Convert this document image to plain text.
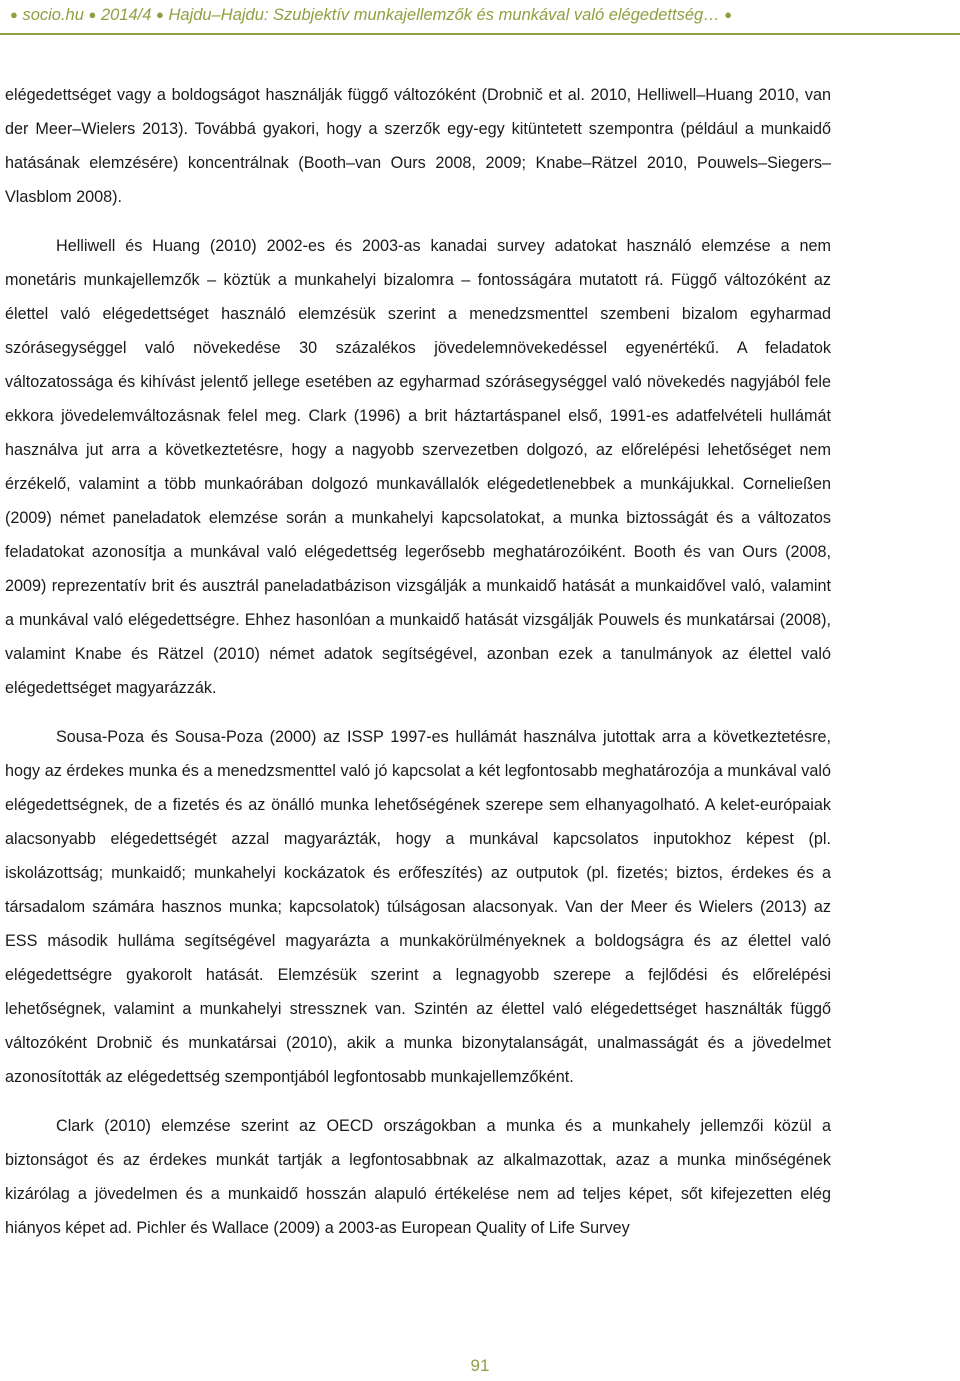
● socio.hu ● 2014/4 ● Hajdu–Hajdu: Szubjektív munkajellemzők és munkával való elégedettség… ●

elégedettséget vagy a boldogságot használják függő változóként (Drobnič et al. 2010, Helliwell–Huang 2010, van der Meer–Wielers 2013). Továbbá gyakori, hogy a szerzők egy-egy kitüntetett szempontra (például a munkaidő hatásának elemzésére) koncentrálnak (Booth–van Ours 2008, 2009; Knabe–Rätzel 2010, Pouwels–Siegers–Vlasblom 2008).

Helliwell és Huang (2010) 2002-es és 2003-as kanadai survey adatokat használó elemzése a nem monetáris munkajellemzők – köztük a munkahelyi bizalomra – fontosságára mutatott rá. Függő változóként az élettel való elégedettséget használó elemzésük szerint a menedzsmenttel szembeni bizalom egyharmad szórásegységgel való növekedése 30 százalékos jövedelemnövekedéssel egyenértékű. A feladatok változatossága és kihívást jelentő jellege esetében az egyharmad szórásegységgel való növekedés nagyjából fele ekkora jövedelemváltozásnak felel meg. Clark (1996) a brit háztartáspanel első, 1991-es adatfelvételi hullámát használva jut arra a következtetésre, hogy a nagyobb szervezetben dolgozó, az előrelépési lehetőséget nem érzékelő, valamint a több munkaórában dolgozó munkavállalók elégedetlenebbek a munkájukkal. Corneließen (2009) német paneladatok elemzése során a munkahelyi kapcsolatokat, a munka biztosságát és a változatos feladatokat azonosítja a munkával való elégedettség legerősebb meghatározóiként. Booth és van Ours (2008, 2009) reprezentatív brit és ausztrál paneladatbázison vizsgálják a munkaidő hatását a munkaidővel való, valamint a munkával való elégedettségre. Ehhez hasonlóan a munkaidő hatását vizsgálják Pouwels és munkatársai (2008), valamint Knabe és Rätzel (2010) német adatok segítségével, azonban ezek a tanulmányok az élettel való elégedettséget magyarázzák.

Sousa-Poza és Sousa-Poza (2000) az ISSP 1997-es hullámát használva jutottak arra a következtetésre, hogy az érdekes munka és a menedzsmenttel való jó kapcsolat a két legfontosabb meghatározója a munkával való elégedettségnek, de a fizetés és az önálló munka lehetőségének szerepe sem elhanyagolható. A kelet-európaiak alacsonyabb elégedettségét azzal magyarázták, hogy a munkával kapcsolatos inputokhoz képest (pl. iskolázottság; munkaidő; munkahelyi kockázatok és erőfeszítés) az outputok (pl. fizetés; biztos, érdekes és a társadalom számára hasznos munka; kapcsolatok) túlságosan alacsonyak. Van der Meer és Wielers (2013) az ESS második hulláma segítségével magyarázta a munkakörülményeknek a boldogságra és az élettel való elégedettségre gyakorolt hatását. Elemzésük szerint a legnagyobb szerepe a fejlődési és előrelépési lehetőségnek, valamint a munkahelyi stressznek van. Szintén az élettel való elégedettséget használták függő változóként Drobnič és munkatársai (2010), akik a munka bizonytalanságát, unalmasságát és a jövedelmet azonosították az elégedettség szempontjából legfontosabb munkajellemzőként.

Clark (2010) elemzése szerint az OECD országokban a munka és a munkahely jellemzői közül a biztonságot és az érdekes munkát tartják a legfontosabbnak az alkalmazottak, azaz a munka minőségének kizárólag a jövedelmen és a munkaidő hosszán alapuló értékelése nem ad teljes képet, sőt kifejezetten elég hiányos képet ad. Pichler és Wallace (2009) a 2003-as European Quality of Life Survey

91
